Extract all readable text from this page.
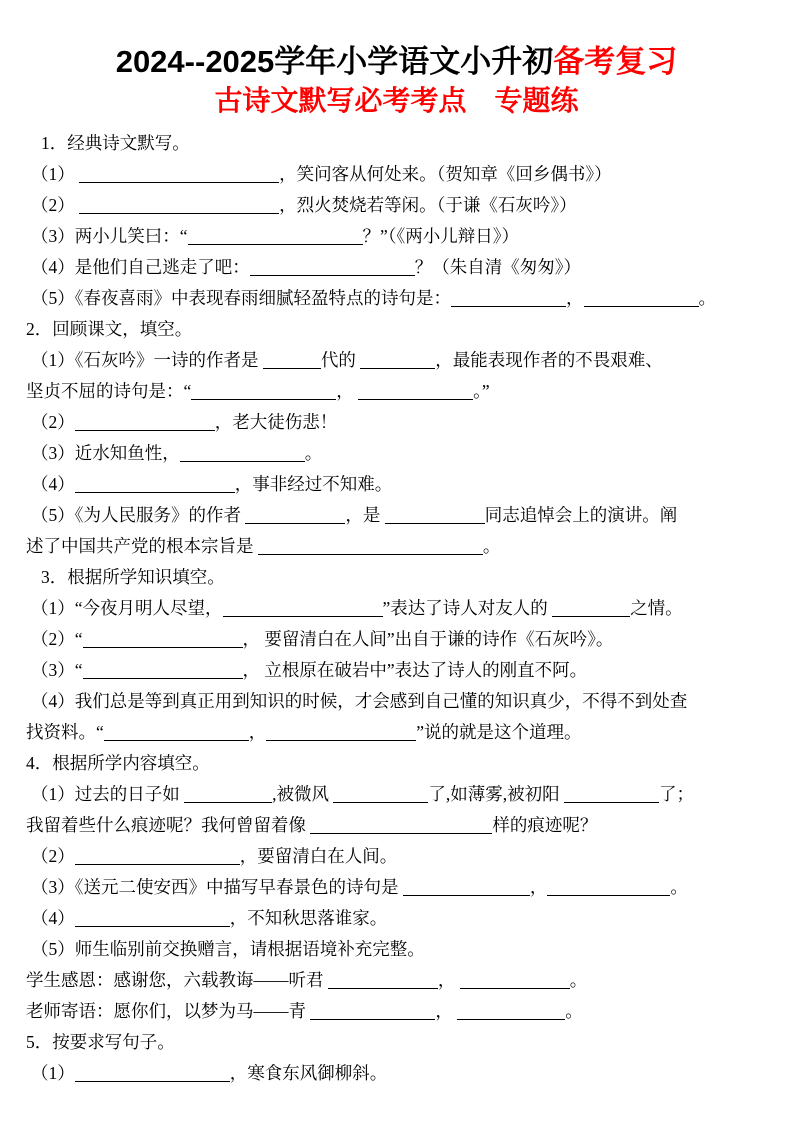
2024--2025学年小学语文小升初备考复习
古诗文默写必考考点　专题练
1．经典诗文默写。
（1）	，笑问客从何处来。（贺知章《回乡偶书》）
（2）	，烈火焚烧若等闲。（于谦《石灰吟》）
（3）两小儿笑曰：“	？”（《两小儿辩日》）
（4）是他们自己逃走了吧：	？（朱自清《匆匆》）
（5）《春夜喜雨》中表现春雨细腻轻盈特点的诗句是：	，	。
2．回顾课文，填空。
（1）《石灰吟》一诗的作者是	代的	，最能表现作者的不畏艰难、
坚贞不屈的诗句是：“	，	。”
（2）	，老大徒伤悲！
（3）近水知鱼性，	。
（4）	，事非经过不知难。
（5）《为人民服务》的作者	，是	同志追悼会上的演讲。阐
述了中国共产党的根本宗旨是	。
3．根据所学知识填空。
（1）“今夜月明人尽望，	”表达了诗人对友人的	之情。
（2）“	， 要留清白在人间”出自于谦的诗作《石灰吟》。
（3）“	， 立根原在破岩中”表达了诗人的刚直不阿。
（4）我们总是等到真正用到知识的时候，才会感到自己懂的知识真少，不得不到处查
找资料。“	，	”说的就是这个道理。
4．根据所学内容填空。
（1）过去的日子如	,被微风	了,如薄雾,被初阳	了；
我留着些什么痕迹呢？我何曾留着像	样的痕迹呢？
（2）	，要留清白在人间。
（3）《送元二使安西》中描写早春景色的诗句是	，	。
（4）	，不知秋思落谁家。
（5）师生临别前交换赠言，请根据语境补充完整。
学生感恩：感谢您，六载教诲——听君	，	。
老师寄语：愿你们，以梦为马——青	，	。
5．按要求写句子。
（1）	，寒食东风御柳斜。
